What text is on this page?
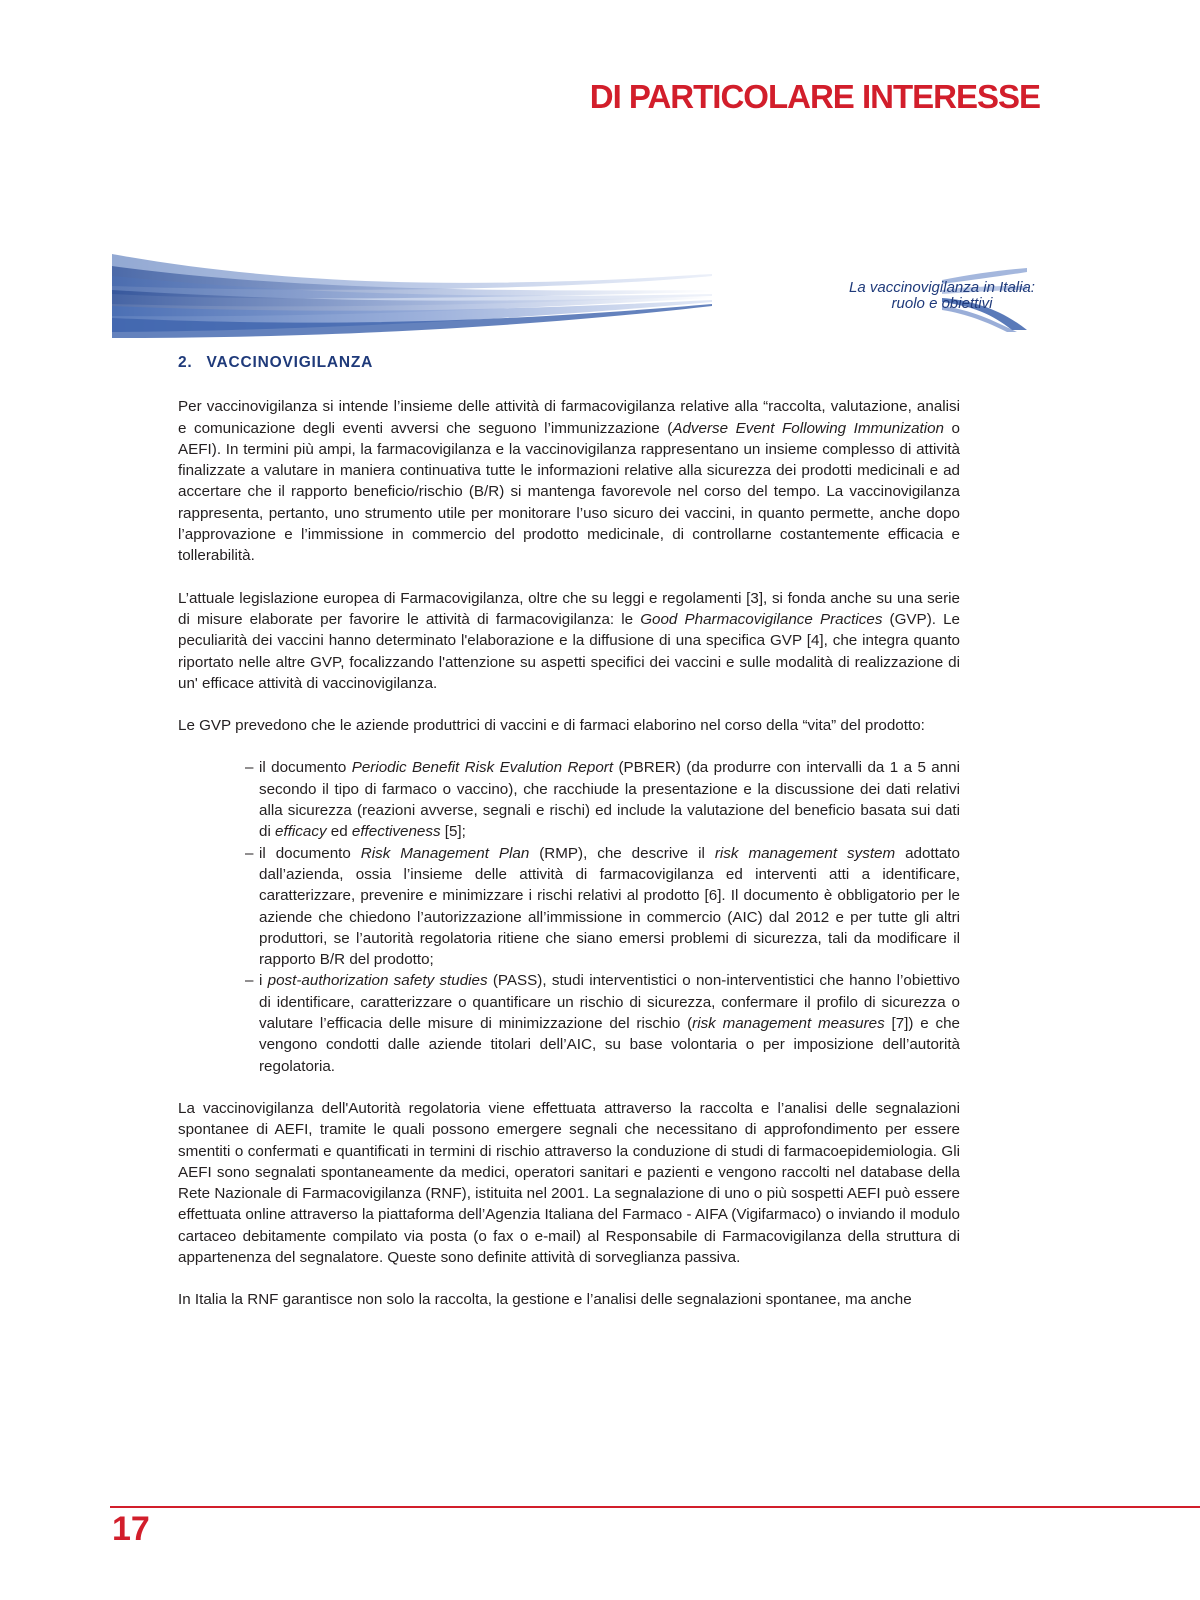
DI PARTICOLARE INTERESSE
La vaccinovigilanza in Italia:
ruolo e obiettivi
2. VACCINOVIGILANZA

Per vaccinovigilanza si intende l’insieme delle attività di farmacovigilanza relative alla “raccolta, valutazione, analisi e comunicazione degli eventi avversi che seguono l’immunizzazione (Adverse Event Following Immunization o AEFI). In termini più ampi, la farmacovigilanza e la vaccinovigilanza rappresentano un insieme complesso di attività finalizzate a valutare in maniera continuativa tutte le informazioni relative alla sicurezza dei prodotti medicinali e ad accertare che il rapporto beneficio/rischio (B/R) si mantenga favorevole nel corso del tempo. La vaccinovigilanza rappresenta, pertanto, uno strumento utile per monitorare l’uso sicuro dei vaccini, in quanto permette, anche dopo l’approvazione e l’immissione in commercio del prodotto medicinale, di controllarne costantemente efficacia e tollerabilità.

L’attuale legislazione europea di Farmacovigilanza, oltre che su leggi e regolamenti [3], si fonda anche su una serie di misure elaborate per favorire le attività di farmacovigilanza: le Good Pharmacovigilance Practices (GVP). Le peculiarità dei vaccini hanno determinato l'elaborazione e la diffusione di una specifica GVP [4], che integra quanto riportato nelle altre GVP, focalizzando l'attenzione su aspetti specifici dei vaccini e sulle modalità di realizzazione di un' efficace attività di vaccinovigilanza.

Le GVP prevedono che le aziende produttrici di vaccini e di farmaci elaborino nel corso della “vita” del prodotto:

‒ il documento Periodic Benefit Risk Evalution Report (PBRER) (da produrre con intervalli da 1 a 5 anni secondo il tipo di farmaco o vaccino), che racchiude la presentazione e la discussione dei dati relativi alla sicurezza (reazioni avverse, segnali e rischi) ed include la valutazione del beneficio basata sui dati di efficacy ed effectiveness [5];
‒ il documento Risk Management Plan (RMP), che descrive il risk management system adottato dall’azienda, ossia l’insieme delle attività di farmacovigilanza ed interventi atti a identificare, caratterizzare, prevenire e minimizzare i rischi relativi al prodotto [6]. Il documento è obbligatorio per le aziende che chiedono l’autorizzazione all’immissione in commercio (AIC) dal 2012 e per tutte gli altri produttori, se l’autorità regolatoria ritiene che siano emersi problemi di sicurezza, tali da modificare il rapporto B/R del prodotto;
‒ i post-authorization safety studies (PASS), studi interventistici o non-interventistici che hanno l’obiettivo di identificare, caratterizzare o quantificare un rischio di sicurezza, confermare il profilo di sicurezza o valutare l’efficacia delle misure di minimizzazione del rischio (risk management measures [7]) e che vengono condotti dalle aziende titolari dell’AIC, su base volontaria o per imposizione dell’autorità regolatoria.

La vaccinovigilanza dell'Autorità regolatoria viene effettuata attraverso la raccolta e l’analisi delle segnalazioni spontanee di AEFI, tramite le quali possono emergere segnali che necessitano di approfondimento per essere smentiti o confermati e quantificati in termini di rischio attraverso la conduzione di studi di farmacoepidemiologia. Gli AEFI sono segnalati spontaneamente da medici, operatori sanitari e pazienti e vengono raccolti nel database della Rete Nazionale di Farmacovigilanza (RNF), istituita nel 2001. La segnalazione di uno o più sospetti AEFI può essere effettuata online attraverso la piattaforma dell’Agenzia Italiana del Farmaco - AIFA (Vigifarmaco) o inviando il modulo cartaceo debitamente compilato via posta (o fax o e-mail) al Responsabile di Farmacovigilanza della struttura di appartenenza del segnalatore. Queste sono definite attività di sorveglianza passiva.

In Italia la RNF garantisce non solo la raccolta, la gestione e l’analisi delle segnalazioni spontanee, ma anche

17
